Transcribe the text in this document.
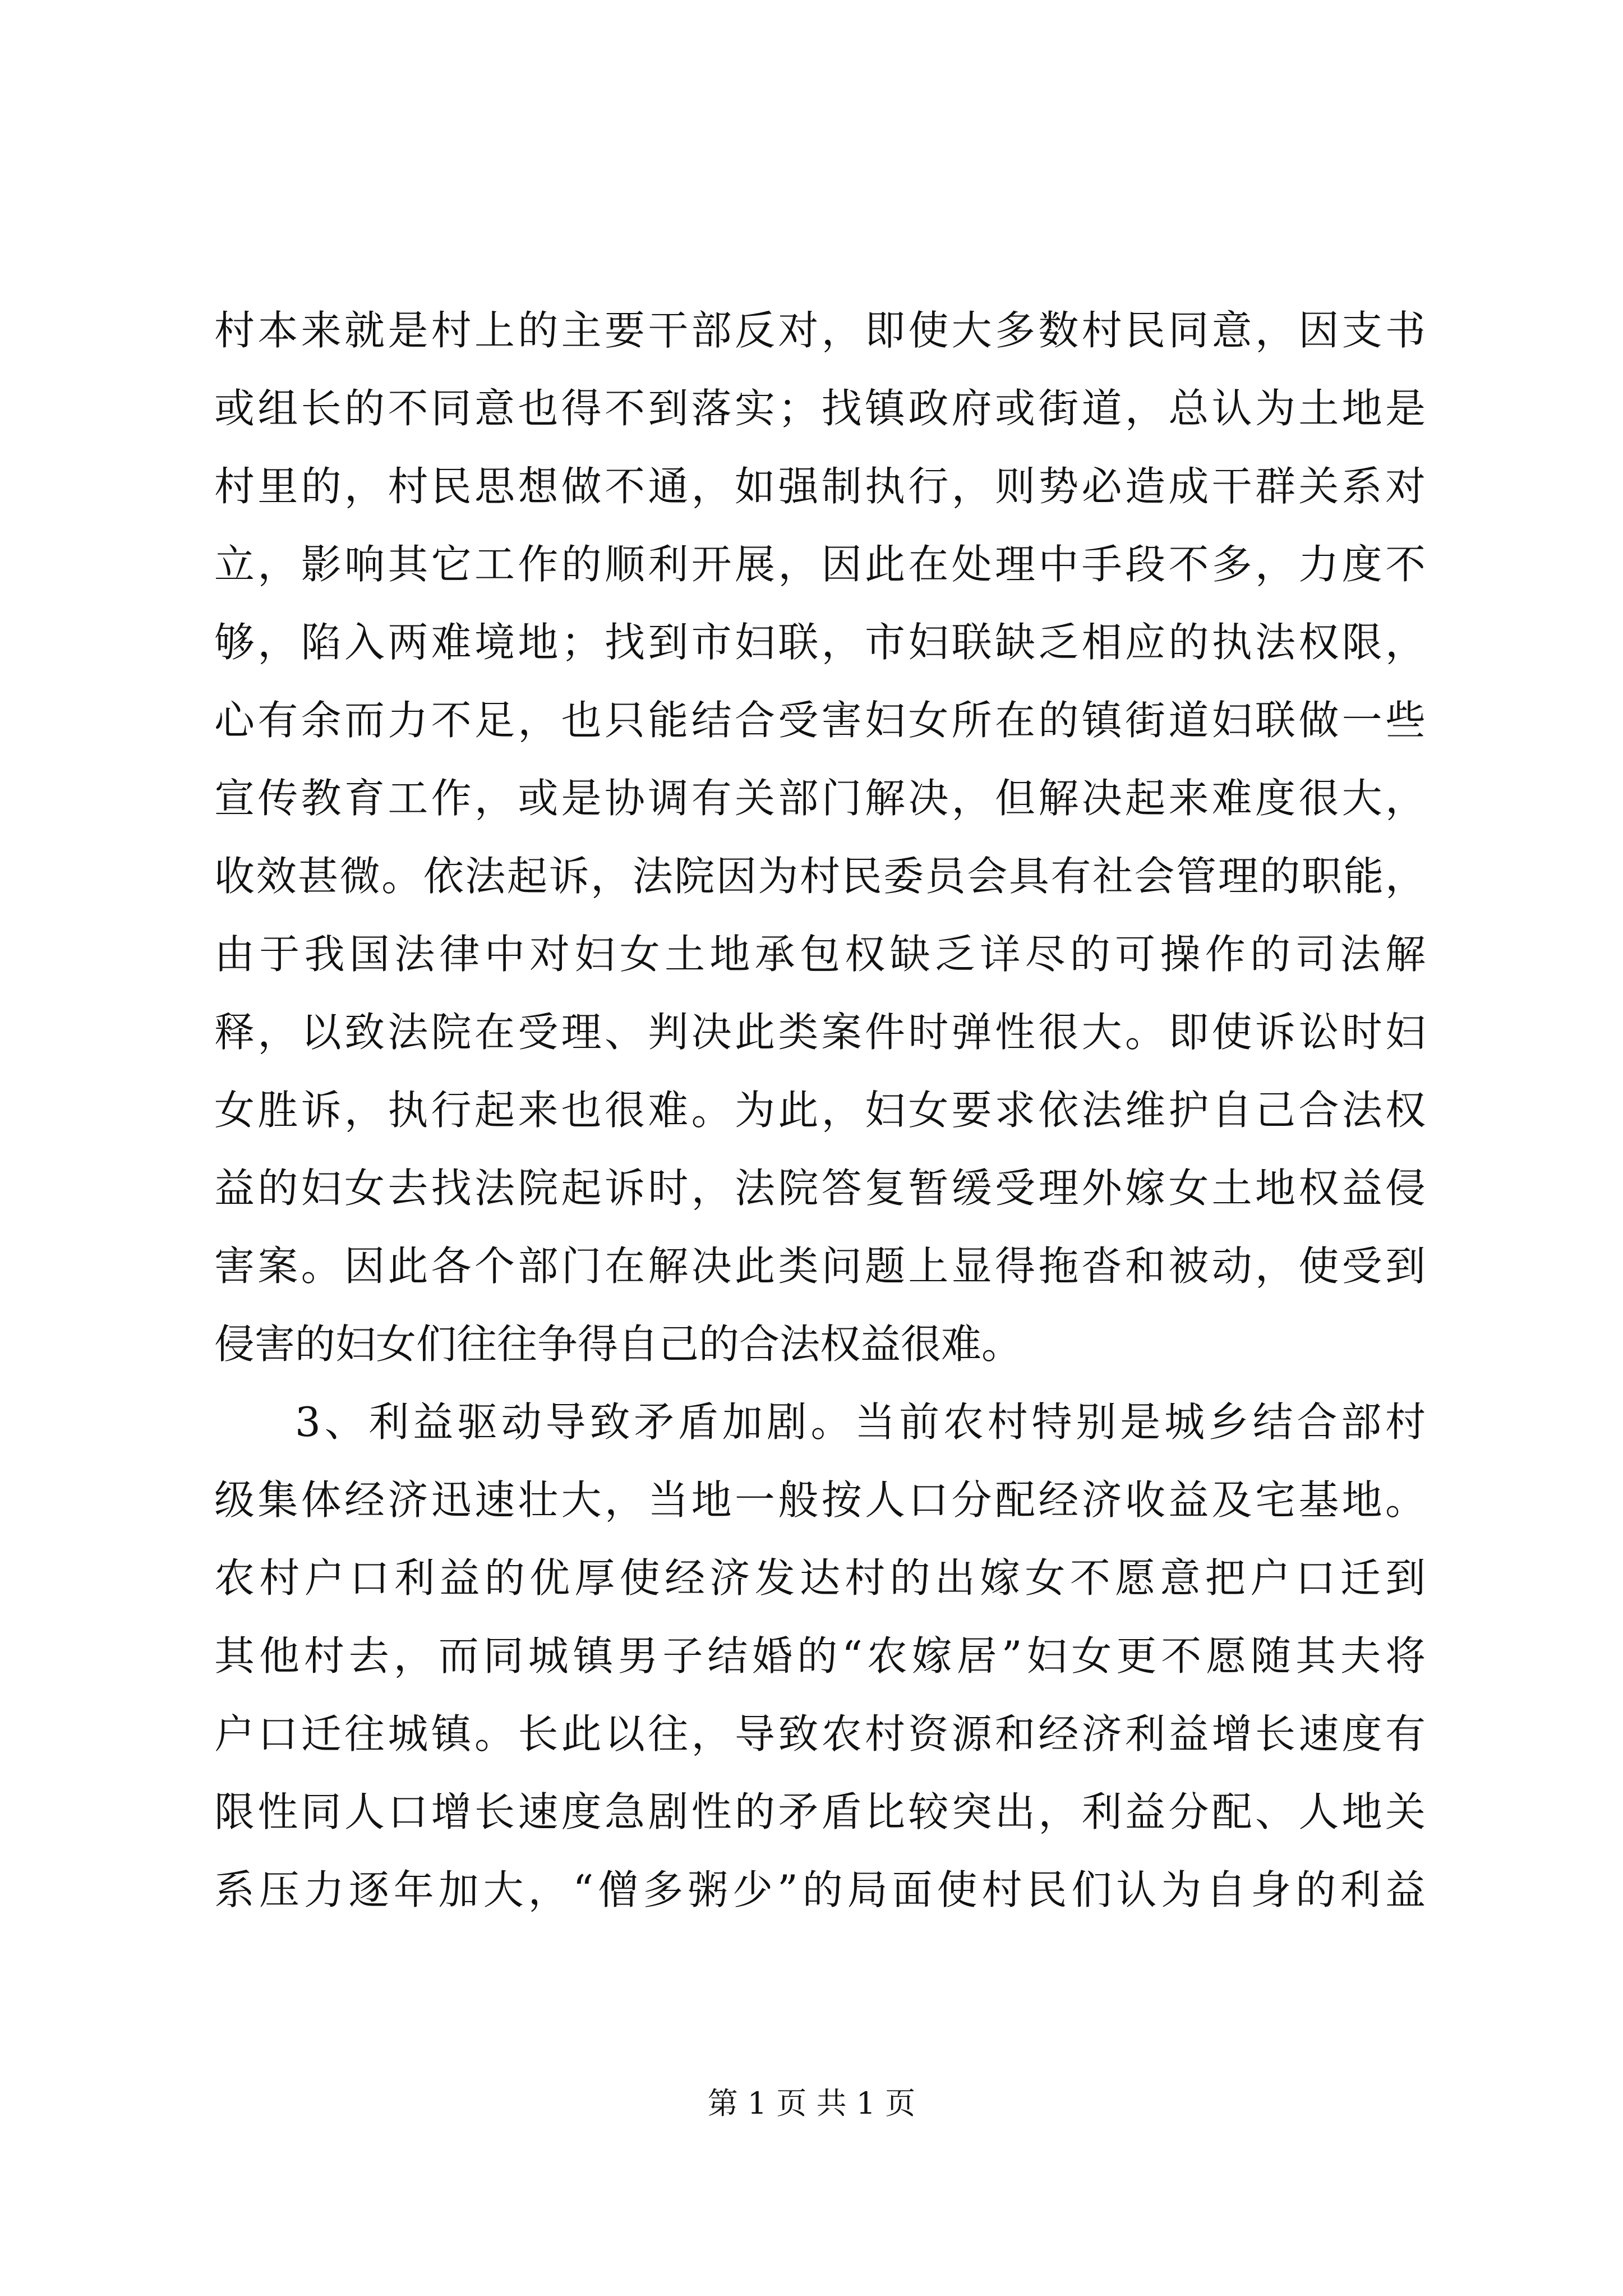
村本来就是村上的主要干部反对，即使大多数村民同意，因支书
或组长的不同意也得不到落实；找镇政府或街道，总认为土地是
村里的，村民思想做不通，如强制执行，则势必造成干群关系对
立，影响其它工作的顺利开展，因此在处理中手段不多，力度不
够，陷入两难境地；找到市妇联，市妇联缺乏相应的执法权限，
心有余而力不足，也只能结合受害妇女所在的镇街道妇联做一些
宣传教育工作，或是协调有关部门解决，但解决起来难度很大，
收效甚微。依法起诉，法院因为村民委员会具有社会管理的职能，
由于我国法律中对妇女土地承包权缺乏详尽的可操作的司法解
释，以致法院在受理、判决此类案件时弹性很大。即使诉讼时妇
女胜诉，执行起来也很难。为此，妇女要求依法维护自己合法权
益的妇女去找法院起诉时，法院答复暂缓受理外嫁女土地权益侵
害案。因此各个部门在解决此类问题上显得拖沓和被动，使受到
侵害的妇女们往往争得自己的合法权益很难。
3、利益驱动导致矛盾加剧。当前农村特别是城乡结合部村
级集体经济迅速壮大，当地一般按人口分配经济收益及宅基地。
农村户口利益的优厚使经济发达村的出嫁女不愿意把户口迁到
其他村去，而同城镇男子结婚的“农嫁居”妇女更不愿随其夫将
户口迁往城镇。长此以往，导致农村资源和经济利益增长速度有
限性同人口增长速度急剧性的矛盾比较突出，利益分配、人地关
系压力逐年加大，“僧多粥少”的局面使村民们认为自身的利益
第 1 页 共 1 页
